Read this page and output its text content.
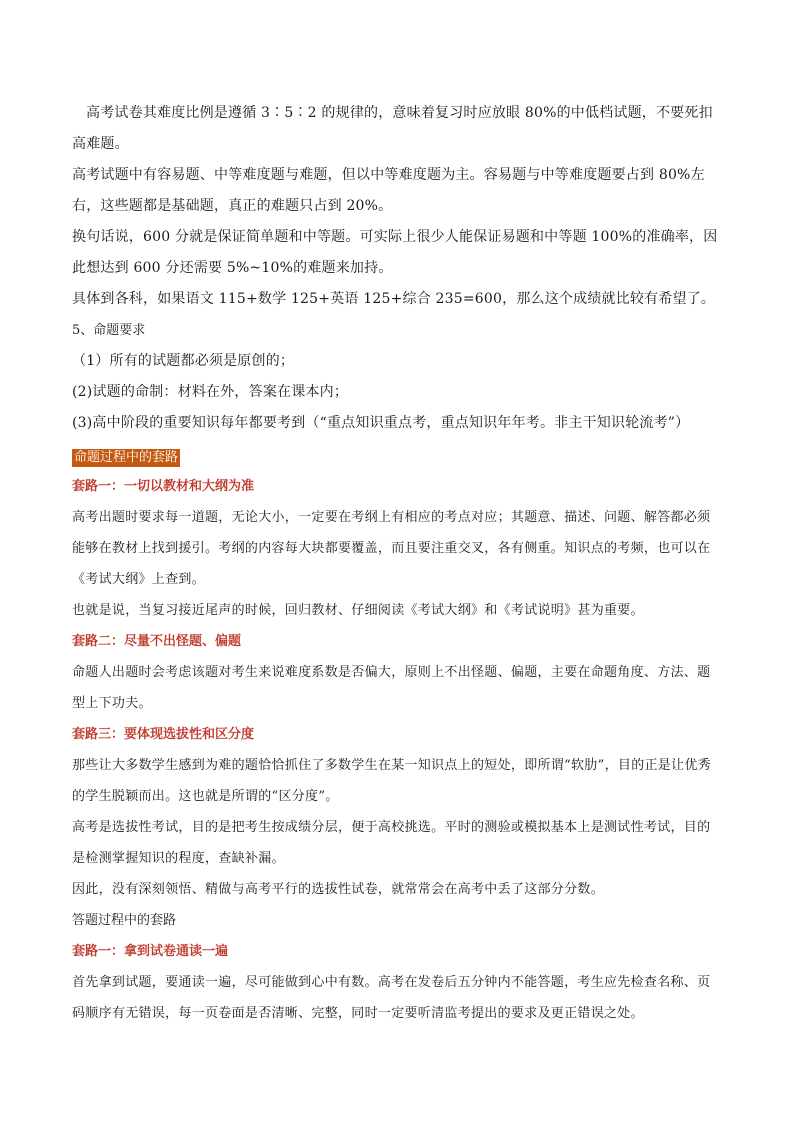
高考试卷其难度比例是遵循 3∶5∶2 的规律的，意味着复习时应放眼 80%的中低档试题，不要死扣高难题。

高考试题中有容易题、中等难度题与难题，但以中等难度题为主。容易题与中等难度题要占到 80%左右，这些题都是基础题，真正的难题只占到 20%。

换句话说，600 分就是保证简单题和中等题。可实际上很少人能保证易题和中等题 100%的准确率，因此想达到 600 分还需要 5%~10%的难题来加持。

具体到各科，如果语文 115+数学 125+英语 125+综合 235=600，那么这个成绩就比较有希望了。

5、命题要求

（1）所有的试题都必须是原创的；

(2)试题的命制：材料在外，答案在课本内；

(3)高中阶段的重要知识每年都要考到（“重点知识重点考，重点知识年年考。非主干知识轮流考”）

命题过程中的套路

套路一：一切以教材和大纲为准

高考出题时要求每一道题，无论大小，一定要在考纲上有相应的考点对应；其题意、描述、问题、解答都必须能够在教材上找到援引。考纲的内容每大块都要覆盖，而且要注重交叉，各有侧重。知识点的考频，也可以在《考试大纲》上查到。

也就是说，当复习接近尾声的时候，回归教材、仔细阅读《考试大纲》和《考试说明》甚为重要。

套路二：尽量不出怪题、偏题

命题人出题时会考虑该题对考生来说难度系数是否偏大，原则上不出怪题、偏题，主要在命题角度、方法、题型上下功夫。

套路三：要体现选拔性和区分度

那些让大多数学生感到为难的题恰恰抓住了多数学生在某一知识点上的短处，即所谓“软肋”，目的正是让优秀的学生脱颖而出。这也就是所谓的“区分度”。

高考是选拔性考试，目的是把考生按成绩分层，便于高校挑选。平时的测验或模拟基本上是测试性考试，目的是检测掌握知识的程度，查缺补漏。

因此，没有深刻领悟、精做与高考平行的选拔性试卷，就常常会在高考中丢了这部分分数。

答题过程中的套路

套路一：拿到试卷通读一遍

首先拿到试题，要通读一遍，尽可能做到心中有数。高考在发卷后五分钟内不能答题，考生应先检查名称、页码顺序有无错误，每一页卷面是否清晰、完整，同时一定要听清监考提出的要求及更正错误之处。
